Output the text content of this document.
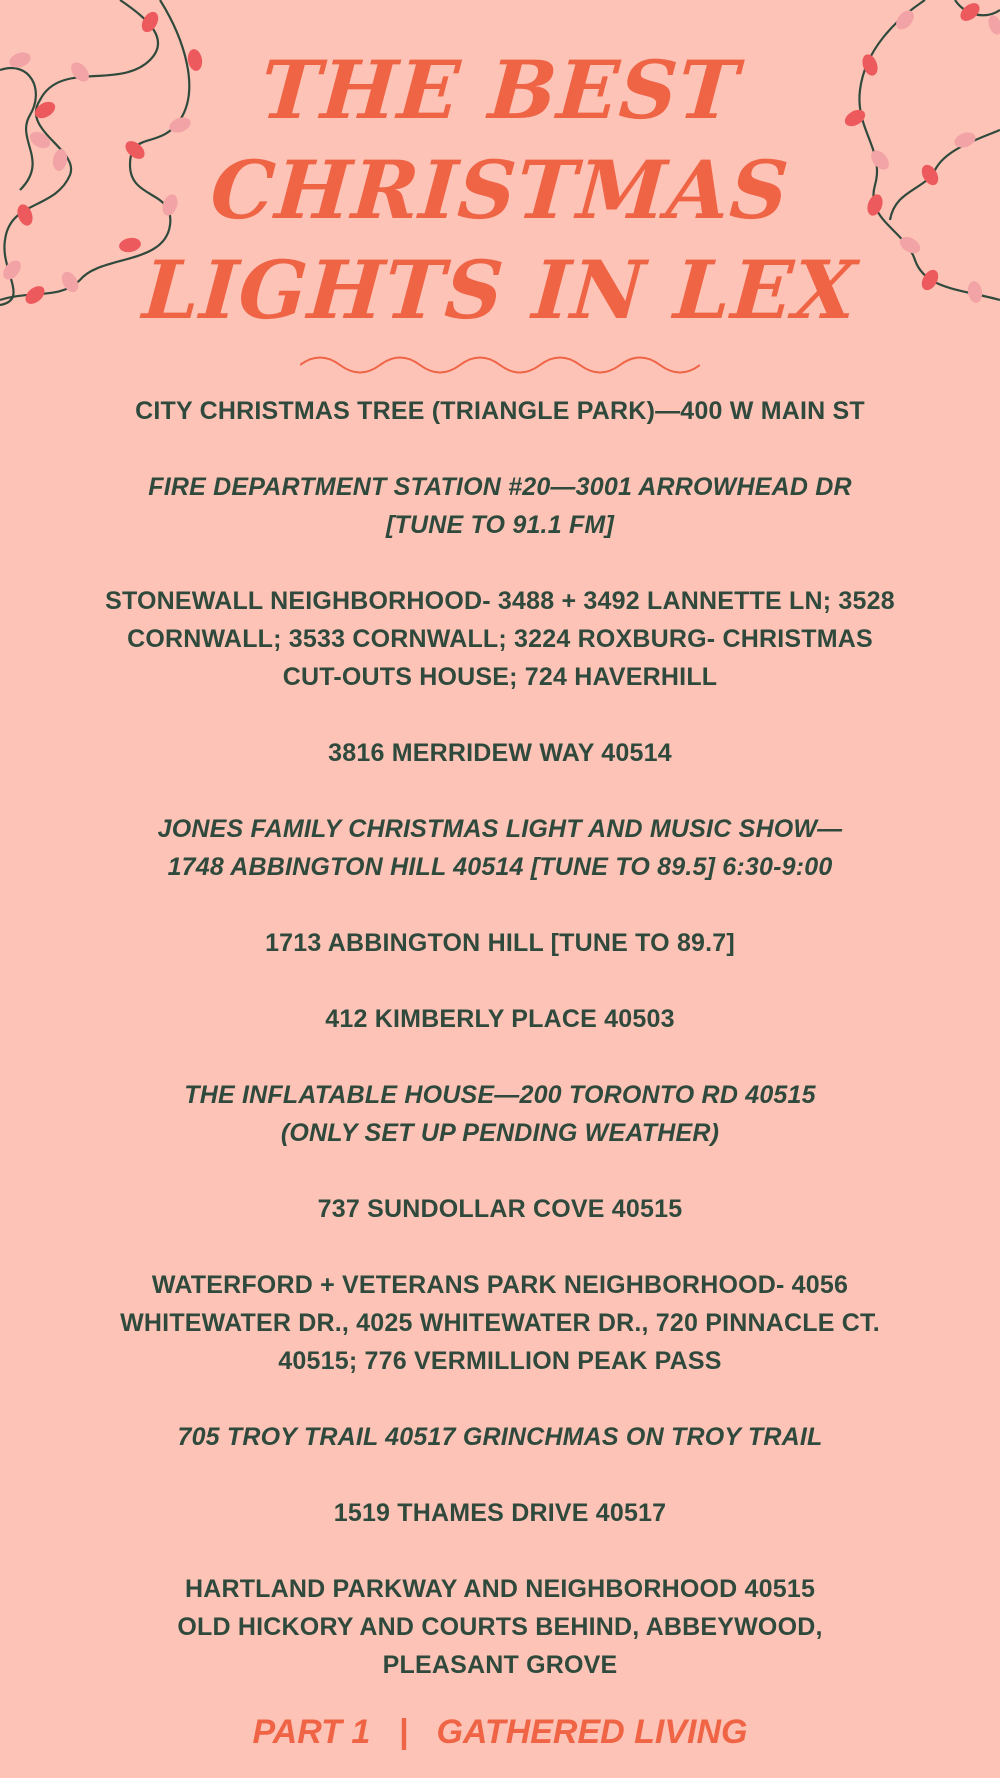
THE BEST
CHRISTMAS
LIGHTS IN LEX

CITY CHRISTMAS TREE (TRIANGLE PARK)—400 W MAIN ST

FIRE DEPARTMENT STATION #20—3001 ARROWHEAD DR
[TUNE TO 91.1 FM]

STONEWALL NEIGHBORHOOD- 3488 + 3492 LANNETTE LN; 3528
CORNWALL; 3533 CORNWALL; 3224 ROXBURG- CHRISTMAS
CUT-OUTS HOUSE; 724 HAVERHILL

3816 MERRIDEW WAY 40514

JONES FAMILY CHRISTMAS LIGHT AND MUSIC SHOW—
1748 ABBINGTON HILL 40514 [TUNE TO 89.5] 6:30-9:00

1713 ABBINGTON HILL [TUNE TO 89.7]

412 KIMBERLY PLACE 40503

THE INFLATABLE HOUSE—200 TORONTO RD 40515
(ONLY SET UP PENDING WEATHER)

737 SUNDOLLAR COVE 40515

WATERFORD + VETERANS PARK NEIGHBORHOOD- 4056
WHITEWATER DR., 4025 WHITEWATER DR., 720 PINNACLE CT.
40515; 776 VERMILLION PEAK PASS

705 TROY TRAIL 40517 GRINCHMAS ON TROY TRAIL

1519 THAMES DRIVE 40517

HARTLAND PARKWAY AND NEIGHBORHOOD 40515
OLD HICKORY AND COURTS BEHIND, ABBEYWOOD,
PLEASANT GROVE

PART 1   |   GATHERED LIVING
